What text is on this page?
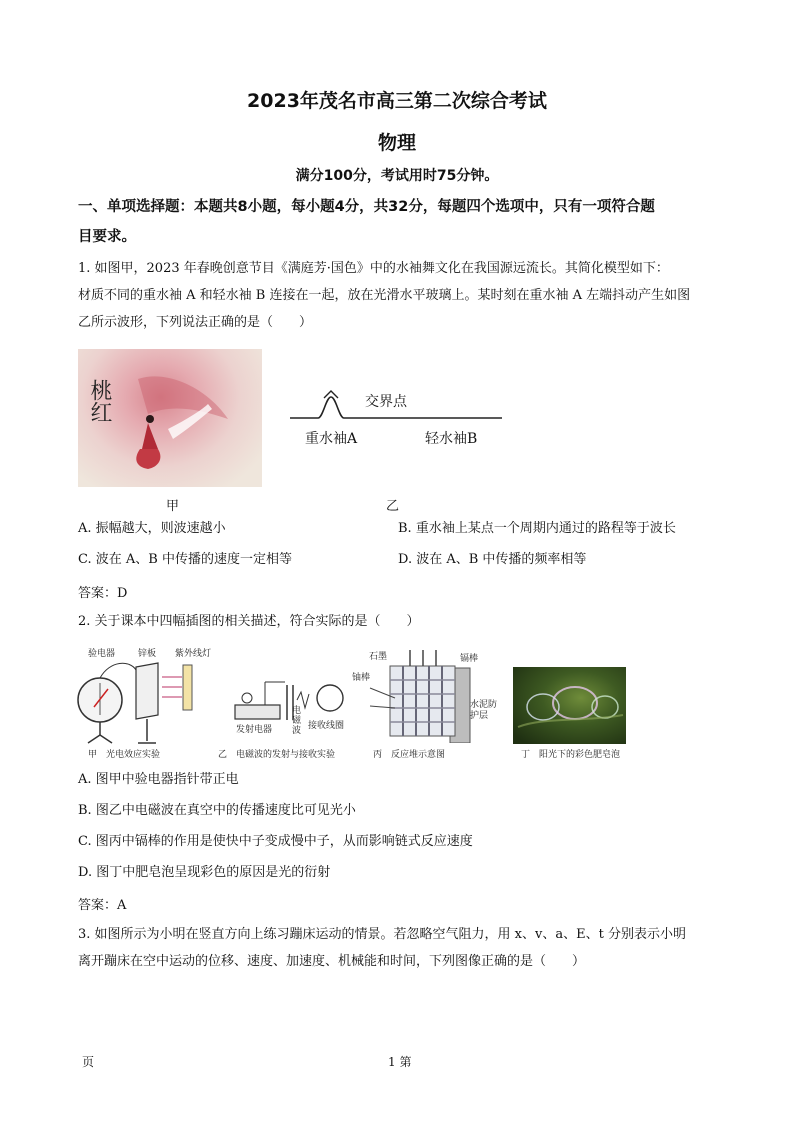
2023年茂名市高三第二次综合考试
物理
满分100分，考试用时75分钟。
一、单项选择题：本题共8小题，每小题4分，共32分，每题四个选项中，只有一项符合题
目要求。
1. 如图甲，2023 年春晚创意节目《满庭芳·国色》中的水袖舞文化在我国源远流长。其简化模型如下：
材质不同的重水袖 A 和轻水袖 B 连接在一起，放在光滑水平玻璃上。某时刻在重水袖 A 左端抖动产生如图
乙所示波形，下列说法正确的是（　　）
桃红
甲
交界点
重水袖A	轻水袖B
乙
A. 振幅越大，则波速越小	B. 重水袖上某点一个周期内通过的路程等于波长
C. 波在 A、B 中传播的速度一定相等	D. 波在 A、B 中传播的频率相等
答案：D
2. 关于课本中四幅插图的相关描述，符合实际的是（　　）
验电器	锌板 紫外线灯
甲　光电效应实验
发射电器
电磁波 接收线圈
乙　电磁波的发射与接收实验
石墨	镉棒
铀棒
水泥防护层
丙　反应堆示意图	丁　阳光下的彩色肥皂泡
A. 图甲中验电器指针带正电
B. 图乙中电磁波在真空中的传播速度比可见光小
C. 图丙中镉棒的作用是使快中子变成慢中子，从而影响链式反应速度
D. 图丁中肥皂泡呈现彩色的原因是光的衍射
答案：A
3. 如图所示为小明在竖直方向上练习蹦床运动的情景。若忽略空气阻力，用 x、v、a、E、t 分别表示小明
离开蹦床在空中运动的位移、速度、加速度、机械能和时间，下列图像正确的是（　　）
页	1 第
